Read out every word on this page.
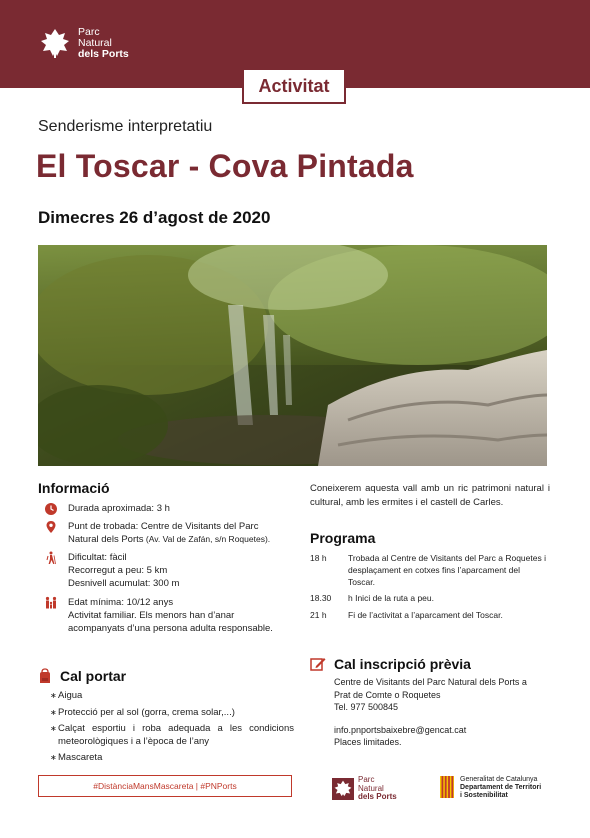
Parc
Natural
dels Ports
Activitat
Senderisme interpretatiu
El Toscar - Cova Pintada
Dimecres 26 d’agost de 2020
Informació
Durada aproximada: 3 h
Punt de trobada: Centre de Visitants del Parc
Natural dels Ports (Av. Val de Zafán, s/n Roquetes).
Dificultat: fàcil
Recorregut a peu: 5 km
Desnivell acumulat: 300 m
Edat mínima: 10/12 anys
Activitat familiar. Els menors han d’anar
acompanyats d’una persona adulta responsable.
Coneixerem aquesta vall amb un ric patrimoni natural i cultural, amb les ermites i el castell de Carles.
Programa
18 h	Trobada al Centre de Visitants del Parc a Roquetes i desplaçament en cotxes fins l’aparcament del Toscar.
18.30	h Inici de la ruta a peu.
21 h	Fi de l’activitat a l’aparcament del Toscar.
Cal portar
∗ Aigua
∗ Protecció per al sol (gorra, crema solar,...)
∗ Calçat esportiu i roba adequada a les condicions meteorològiques i a l’època de l’any
∗ Mascareta
Cal inscripció prèvia
Centre de Visitants del Parc Natural dels Ports a
Prat de Comte o Roquetes
Tel. 977 500845
info.pnportsbaixebre@gencat.cat
Places limitades.
#DistànciaMansMascareta | #PNPorts
Parc
Natural
dels Ports
Generalitat de Catalunya
Departament de Territori
i Sostenibilitat
